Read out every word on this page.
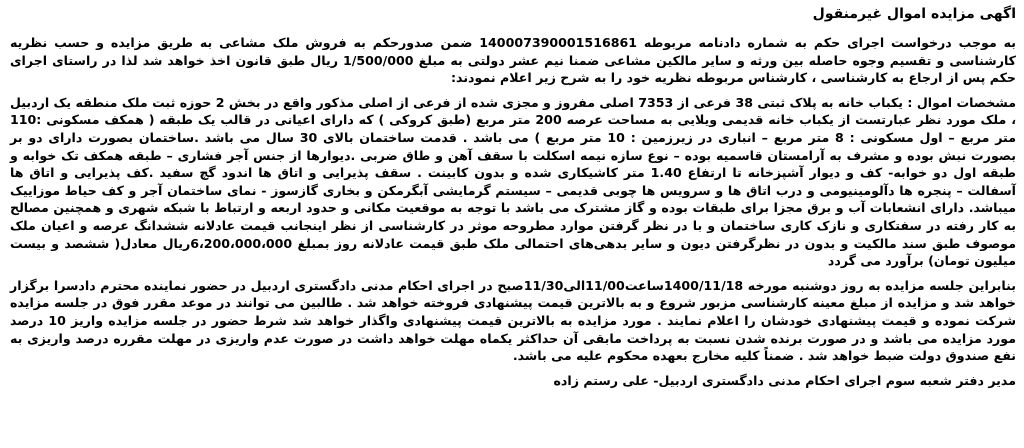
اگهی مزایده اموال غیرمنقول

به موجب درخواست اجرای حکم به شماره دادنامه مربوطه 140007390001516861 ضمن صدورحکم به فروش ملک مشاعی به طریق مزایده و حسب نظریه کارشناسی و تقسیم وجوه حاصله بین ورثه و سایر مالکین مشاعی ضمنا نیم عشر دولتی به مبلغ 1/500/000 ریال طبق قانون اخذ خواهد شد لذا در راستای اجرای حکم پس از ارجاع به کارشناسی ، کارشناس مربوطه نظریه خود را به شرح زیر اعلام نمودند:

مشخصات اموال : یکباب خانه به پلاک ثبتی 38 فرعی از 7353 اصلی مفروز و مجزی شده از فرعی از اصلی مذکور واقع در بخش 2 حوزه ثبت ملک منطقه یک اردبیل ، ملک مورد نظر عبارتست از یکباب خانه قدیمی ویلایی به مساحت عرصه 200 متر مربع (طبق کروکی ) که دارای اعیانی در قالب یک طبقه ( همکف مسکونی :110 متر مربع – اول مسکونی : 8 متر مربع – انباری در زیرزمین : 10 متر مربع ) می باشد . قدمت ساختمان بالای 30 سال می باشد .ساختمان بصورت دارای دو بر بصورت نبش بوده و مشرف به آرامستان قاسمیه بوده – نوع سازه نیمه اسکلت با سقف آهن و طاق ضربی .دیوارها از جنس آجر فشاری – طبقه همکف تک خوابه و طبقه اول دو خوابه- کف و دیوار آشپزخانه تا ارتفاع 1.40 متر کاشیکاری شده و بدون کابینت . سقف پذیرایی و اتاق ها اندود گچ سفید .کف پذیرایی و اتاق ها آسفالت – پنجره ها دآلومینیومی و درب اتاق ها و سرویس ها چوبی قدیمی – سیستم گرمایشی آبگرمکن و بخاری گازسوز - نمای ساختمان آجر و کف حیاط موزاییک میباشد. دارای انشعابات آب و برق مجزا برای طبقات بوده و گاز مشترک می باشد با توجه به موقعیت مکانی و حدود اربعه و ارتباط با شبکه شهری و همچنین مصالح به کار رفته در سفتکاری و نازک کاری ساختمان و با در نظر گرفتن موارد مطروحه موثر در کارشناسی از نظر اینجانب قیمت عادلانه ششدانگ عرصه و اعیان ملک موصوف طبق سند مالکیت و بدون در نظرگرفتن دیون و سایر بدهی‌های احتمالی ملک طبق قیمت عادلانه روز بمبلغ 6،200،000،000ریال معادل( ششصد و بیست میلیون تومان) برآورد می گردد

بنابراین جلسه مزایده به روز دوشنبه مورخه 1400/11/18ساعت11/00الی11/30صبح در اجرای احکام مدنی دادگستری اردبیل در حضور نماینده محترم دادسرا برگزار خواهد شد و مزایده از مبلغ معینه کارشناسی مزبور شروع و به بالاترین قیمت پیشنهادی فروخته خواهد شد . طالبین می توانند در موعد مقرر فوق در جلسه مزایده شرکت نموده و قیمت پیشنهادی خودشان را اعلام نمایند . مورد مزایده به بالاترین قیمت پیشنهادی واگذار خواهد شد شرط حضور در جلسه مزایده واریز 10 درصد مورد مزایده می باشد و در صورت برنده شدن نسبت به پرداخت مابقی آن حداکثر یکماه مهلت خواهد داشت در صورت عدم واریزی در مهلت مقرره درصد واریزی به نفع صندوق دولت ضبط خواهد شد . ضمناً کلیه مخارج بعهده محکوم علیه می باشد.

مدیر دفتر شعبه سوم اجرای احکام مدنی دادگستری اردبیل- علی رستم زاده
